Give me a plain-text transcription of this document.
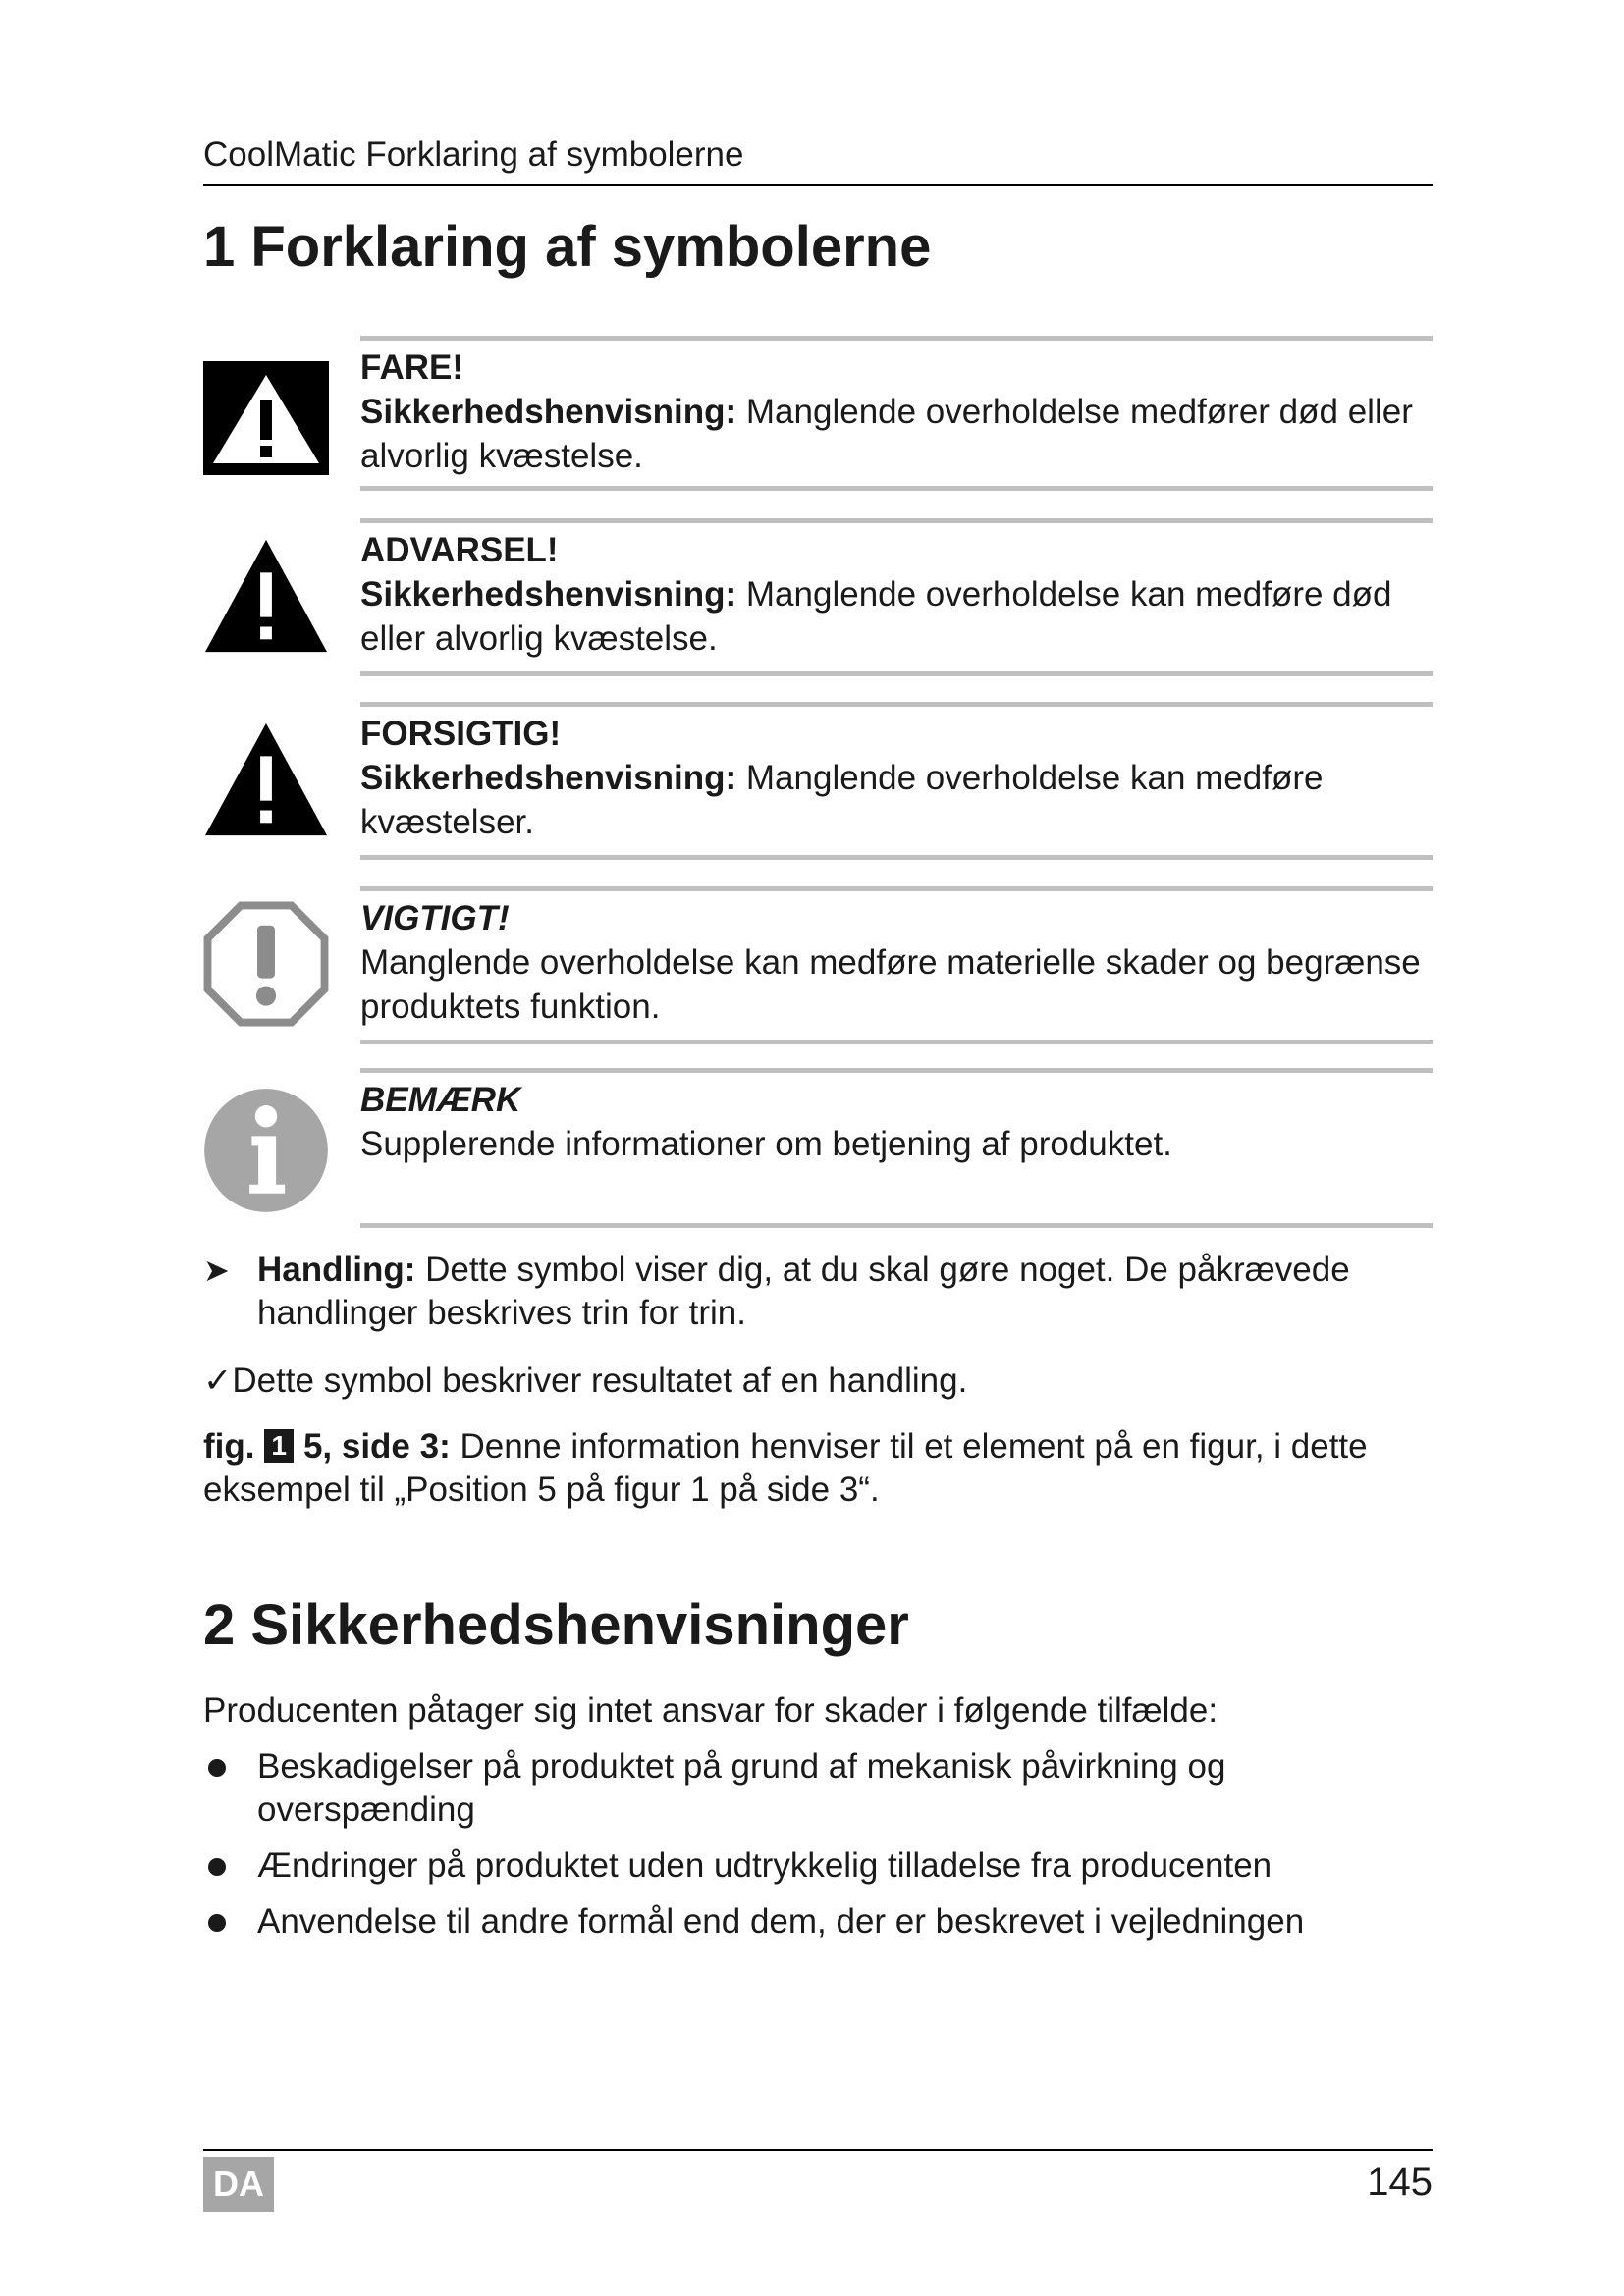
CoolMatic Forklaring af symbolerne
1 Forklaring af symbolerne
FARE!
Sikkerhedshenvisning: Manglende overholdelse medfører død eller alvorlig kvæstelse.
ADVARSEL!
Sikkerhedshenvisning: Manglende overholdelse kan medføre død eller alvorlig kvæstelse.
FORSIGTIG!
Sikkerhedshenvisning: Manglende overholdelse kan medføre kvæstelser.
VIGTIGT!
Manglende overholdelse kan medføre materielle skader og begrænse produktets funktion.
BEMÆRK
Supplerende informationer om betjening af produktet.
➤ Handling: Dette symbol viser dig, at du skal gøre noget. De påkrævede handlinger beskrives trin for trin.
✓Dette symbol beskriver resultatet af en handling.
fig. 1 5, side 3: Denne information henviser til et element på en figur, i dette eksempel til „Position 5 på figur 1 på side 3“.
2 Sikkerhedshenvisninger
Producenten påtager sig intet ansvar for skader i følgende tilfælde:
Beskadigelser på produktet på grund af mekanisk påvirkning og overspænding
Ændringer på produktet uden udtrykkelig tilladelse fra producenten
Anvendelse til andre formål end dem, der er beskrevet i vejledningen
DA	145
